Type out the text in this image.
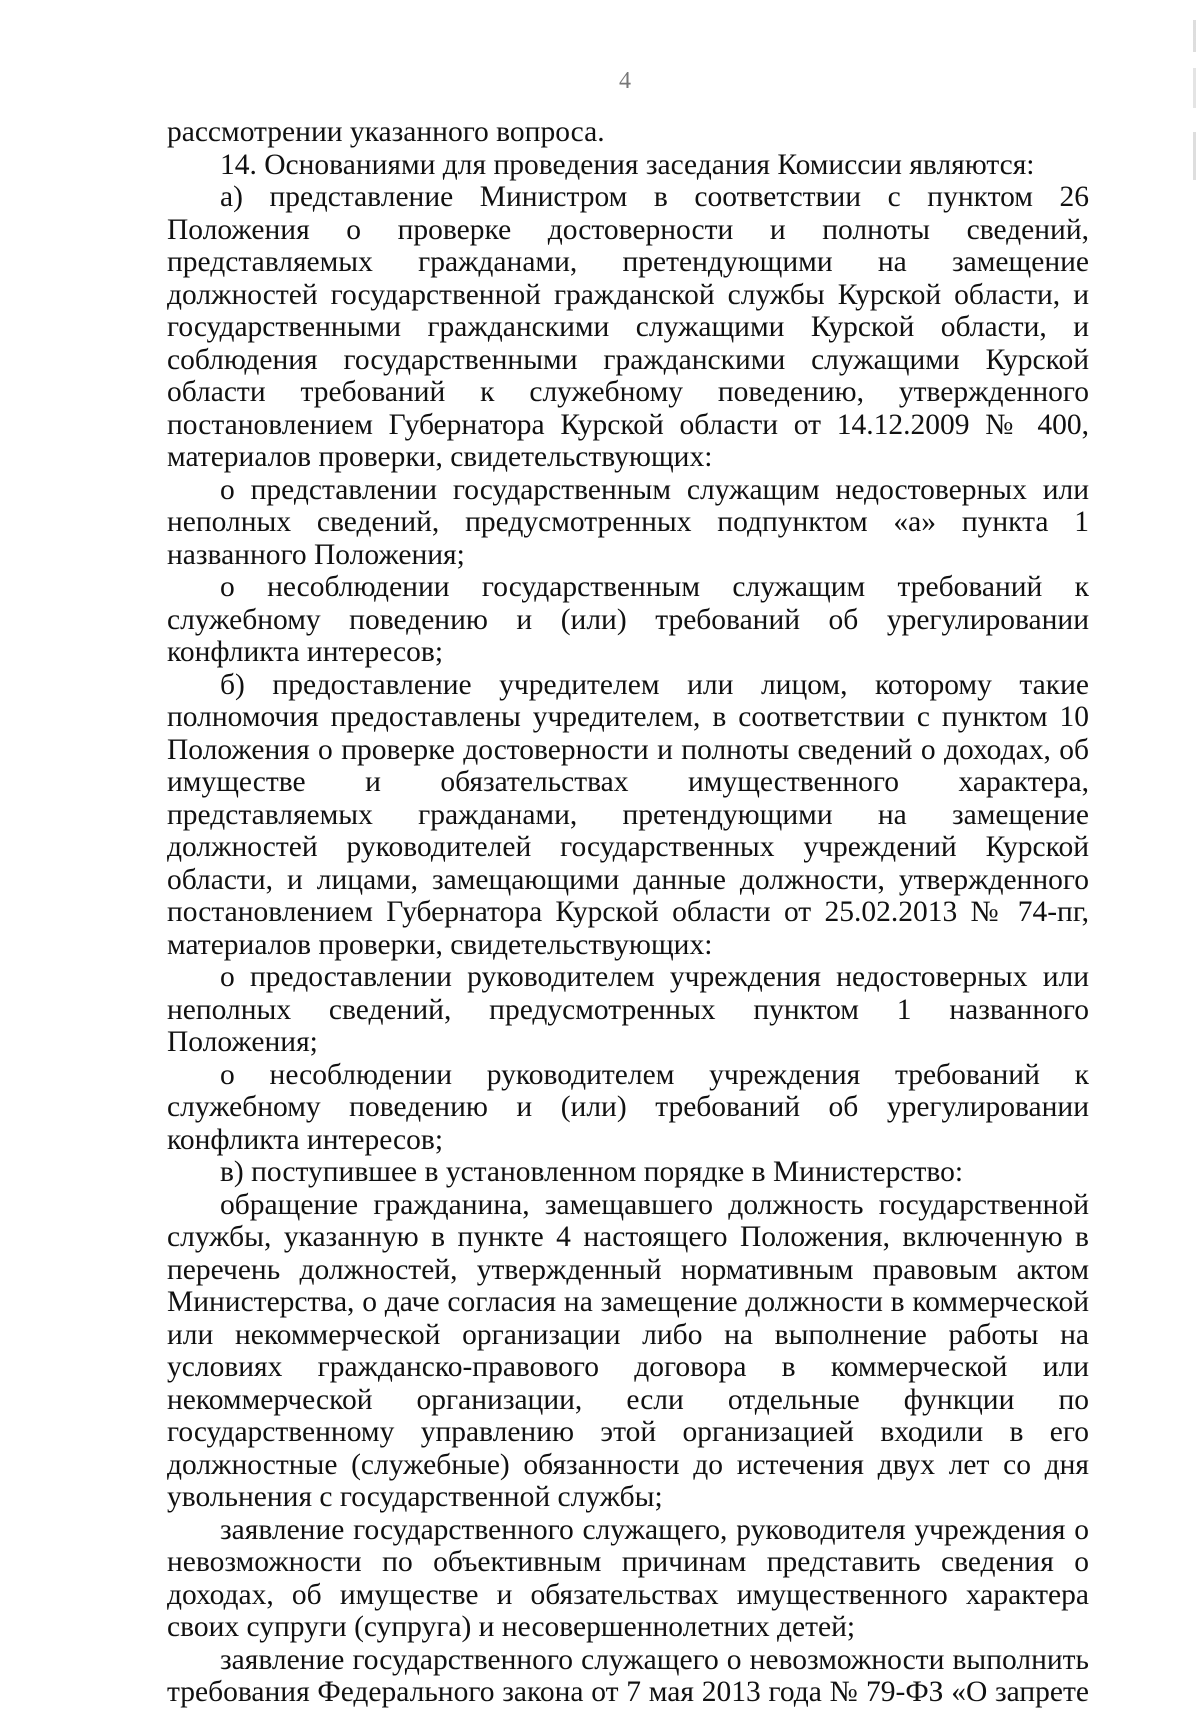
4

рассмотрении указанного вопроса.

14. Основаниями для проведения заседания Комиссии являются:

а) представление Министром в соответствии с пунктом 26 Положения о проверке достоверности и полноты сведений, представляемых гражданами, претендующими на замещение должностей государственной гражданской службы Курской области, и государственными гражданскими служащими Курской области, и соблюдения государственными гражданскими служащими Курской области требований к служебному поведению, утвержденного постановлением Губернатора Курской области от 14.12.2009 № 400, материалов проверки, свидетельствующих:

о представлении государственным служащим недостоверных или неполных сведений, предусмотренных подпунктом «а» пункта 1 названного Положения;

о несоблюдении государственным служащим требований к служебному поведению и (или) требований об урегулировании конфликта интересов;

б) предоставление учредителем или лицом, которому такие полномочия предоставлены учредителем, в соответствии с пунктом 10 Положения о проверке достоверности и полноты сведений о доходах, об имуществе и обязательствах имущественного характера, представляемых гражданами, претендующими на замещение должностей руководителей государственных учреждений Курской области, и лицами, замещающими данные должности, утвержденного постановлением Губернатора Курской области от 25.02.2013 № 74-пг, материалов проверки, свидетельствующих:

о предоставлении руководителем учреждения недостоверных или неполных сведений, предусмотренных пунктом 1 названного Положения;

о несоблюдении руководителем учреждения требований к служебному поведению и (или) требований об урегулировании конфликта интересов;

в) поступившее в установленном порядке в Министерство:

обращение гражданина, замещавшего должность государственной службы, указанную в пункте 4 настоящего Положения, включенную в перечень должностей, утвержденный нормативным правовым актом Министерства, о даче согласия на замещение должности в коммерческой или некоммерческой организации либо на выполнение работы на условиях гражданско-правового договора в коммерческой или некоммерческой организации, если отдельные функции по государственному управлению этой организацией входили в его должностные (служебные) обязанности до истечения двух лет со дня увольнения с государственной службы;

заявление государственного служащего, руководителя учреждения о невозможности по объективным причинам представить сведения о доходах, об имуществе и обязательствах имущественного характера своих супруги (супруга) и несовершеннолетних детей;

заявление государственного служащего о невозможности выполнить требования Федерального закона от 7 мая 2013 года № 79-ФЗ «О запрете
